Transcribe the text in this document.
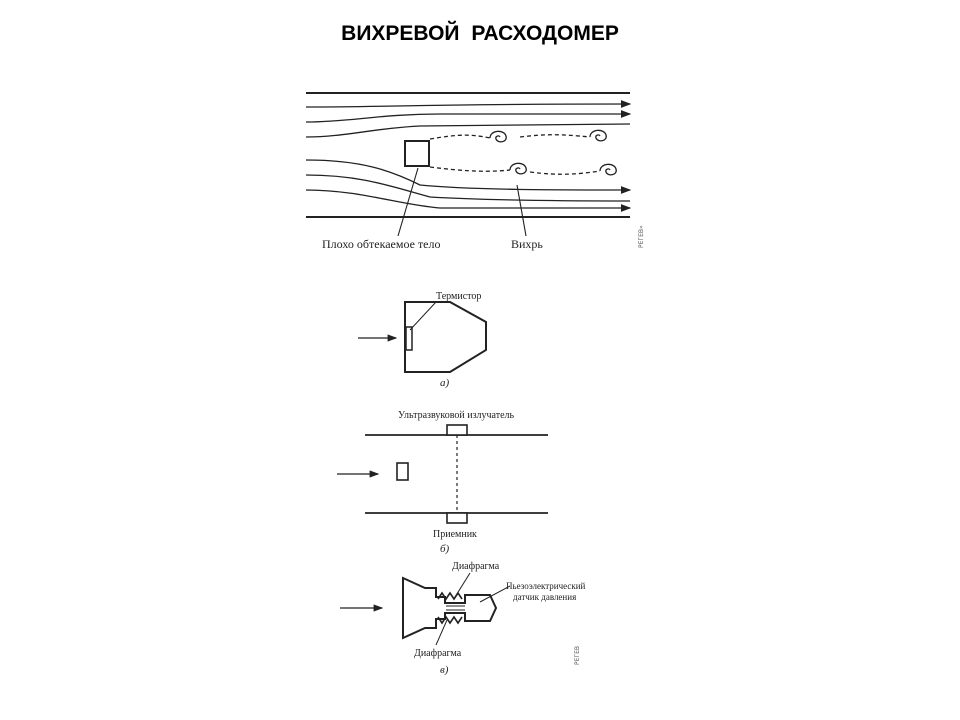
ВИХРЕВОЙ РАСХОДОМЕР
Плохо обтекаемое тело	Вихрь	РЕГЕВ»
Термистор
а)
Ультразвуковой излучатель
Приемник
б)
Диафрагма
Пьезоэлектрический
датчик давления
Диафрагма
в)
РЕГЕВ
